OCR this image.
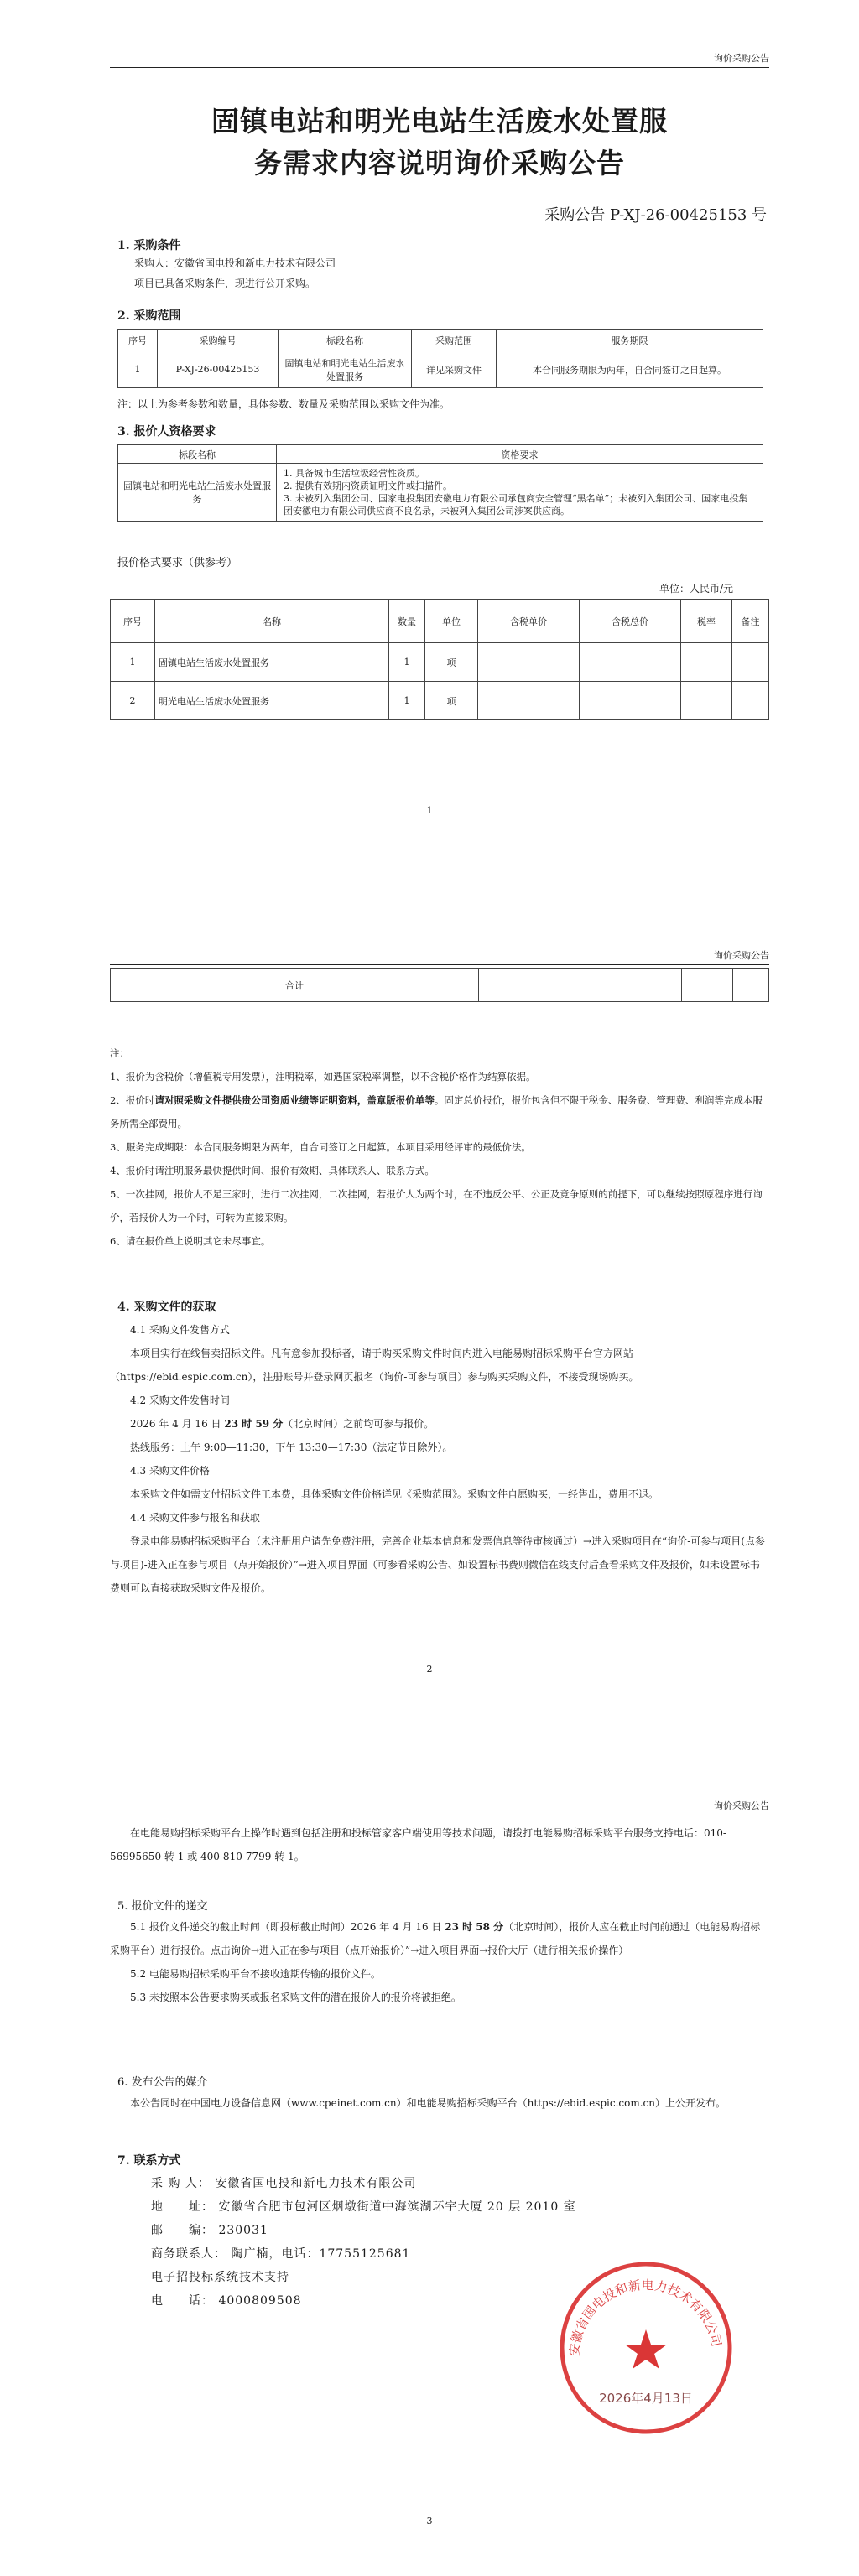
询价采购公告
固镇电站和明光电站生活废水处置服
务需求内容说明询价采购公告
采购公告 P-XJ-26-00425153 号
1. 采购条件
采购人：安徽省国电投和新电力技术有限公司
项目已具备采购条件，现进行公开采购。
2. 采购范围
序号	采购编号	标段名称	采购范围	服务期限
1	P-XJ-26-00425153	固镇电站和明光电站生活废水处置服务	详见采购文件	本合同服务期限为两年，自合同签订之日起算。
注：以上为参考参数和数量，具体参数、数量及采购范围以采购文件为准。
3. 报价人资格要求
标段名称	资格要求
固镇电站和明光电站生活废水处置服务	1. 具备城市生活垃圾经营性资质。
2. 提供有效期内资质证明文件或扫描件。
3. 未被列入集团公司、国家电投集团安徽电力有限公司承包商安全管理“黑名单”；未被列入集团公司、国家电投集团安徽电力有限公司供应商不良名录，未被列入集团公司涉案供应商。
报价格式要求（供参考）
单位：人民币/元
序号	名称	数量	单位	含税单价	含税总价	税率	备注
1	固镇电站生活废水处置服务	1	项				
2	明光电站生活废水处置服务	1	项				
1
询价采购公告
合计				
注：
1、报价为含税价（增值税专用发票），注明税率，如遇国家税率调整，以不含税价格作为结算依据。
2、报价时请对照采购文件提供贵公司资质业绩等证明资料，盖章版报价单等。固定总价报价，报价包含但不限于税金、服务费、管理费、利润等完成本服务所需全部费用。
3、服务完成期限：本合同服务期限为两年，自合同签订之日起算。本项目采用经评审的最低价法。
4、报价时请注明服务最快提供时间、报价有效期、具体联系人、联系方式。
5、一次挂网，报价人不足三家时，进行二次挂网，二次挂网，若报价人为两个时，在不违反公平、公正及竞争原则的前提下，可以继续按照原程序进行询价，若报价人为一个时，可转为直接采购。
6、请在报价单上说明其它未尽事宜。
4. 采购文件的获取
4.1 采购文件发售方式
本项目实行在线售卖招标文件。凡有意参加投标者，请于购买采购文件时间内进入电能易购招标采购平台官方网站（https://ebid.espic.com.cn），注册账号并登录网页报名（询价-可参与项目）参与购买采购文件，不接受现场购买。
4.2 采购文件发售时间
2026 年 4 月 16 日 23 时 59 分（北京时间）之前均可参与报价。
热线服务：上午 9:00—11:30，下午 13:30—17:30（法定节日除外）。
4.3 采购文件价格
本采购文件如需支付招标文件工本费，具体采购文件价格详见《采购范围》。采购文件自愿购买，一经售出，费用不退。
4.4 采购文件参与报名和获取
登录电能易购招标采购平台（未注册用户请先免费注册，完善企业基本信息和发票信息等待审核通过）→进入采购项目在“询价-可参与项目(点参与项目)-进入正在参与项目（点开始报价）”→进入项目界面（可参看采购公告、如设置标书费则微信在线支付后查看采购文件及报价，如未设置标书费则可以直接获取采购文件及报价。
2
询价采购公告
在电能易购招标采购平台上操作时遇到包括注册和投标管家客户端使用等技术问题，请拨打电能易购招标采购平台服务支持电话：010-56995650 转 1 或 400-810-7799 转 1。
5. 报价文件的递交
5.1 报价文件递交的截止时间（即投标截止时间）2026 年 4 月 16 日 23 时 58 分（北京时间），报价人应在截止时间前通过（电能易购招标采购平台）进行报价。点击询价→进入正在参与项目（点开始报价）”→进入项目界面→报价大厅（进行相关报价操作）
5.2 电能易购招标采购平台不接收逾期传输的报价文件。
5.3 未按照本公告要求购买或报名采购文件的潜在报价人的报价将被拒绝。
6. 发布公告的媒介
本公告同时在中国电力设备信息网（www.cpeinet.com.cn）和电能易购招标采购平台（https://ebid.espic.com.cn）上公开发布。
7. 联系方式
采 购 人： 安徽省国电投和新电力技术有限公司
地　　址： 安徽省合肥市包河区烟墩街道中海滨湖环宇大厦 20 层 2010 室
邮　　编： 230031
商务联系人： 陶广楠，电话：17755125681
电子招投标系统技术支持
电　　话： 4000809508
3
安徽省国电投和新电力技术有限公司
2026年4月13日
